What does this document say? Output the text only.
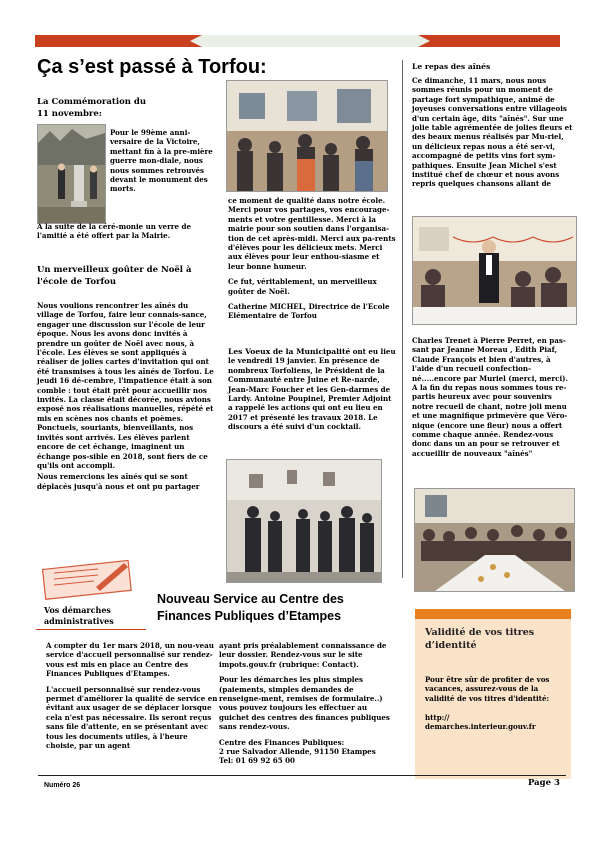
Ça s’est passé à Torfou:
La Commémoration du
11 novembre:
Pour le 99ème anni-versaire de la Victoire, mettant fin à la pre-mière guerre mon-diale, nous nous sommes retrouvés devant le monument des morts.
A la suite de la céré-monie un verre de l'amitié a été offert par la Mairie.
Un merveilleux goûter de Noël à l'école de Torfou

Nous voulions rencontrer les aînés du village de Torfou, faire leur connais-sance, engager une discussion sur l'école de leur époque. Nous les avons donc invités à prendre un goûter de Noël avec nous, à l'école. Les élèves se sont appliqués à réaliser de jolies cartes d'invitation qui ont été transmises à tous les aînés de Torfou. Le jeudi 16 dé-cembre, l'impatience était à son comble : tout était prêt pour accueillir nos invités. La classe était décorée, nous avions exposé nos réalisations manuelles, répété et mis en scènes nos chants et poèmes. Ponctuels, souriants, bienveillants, nos invités sont arrivés. Les élèves parlent encore de cet échange, imaginent un échange pos-sible en 2018, sont fiers de ce qu'ils ont accompli.

Nous remercions les aînés qui se sont déplacés jusqu'à nous et ont pu partager

ce moment de qualité dans notre école. Merci pour vos partages, vos encourage-ments et votre gentillesse. Merci à la mairie pour son soutien dans l'organisa-tion de cet après-midi. Merci aux pa-rents d'élèves pour les délicieux mets. Merci aux élèves pour leur enthou-siasme et leur bonne humeur.

Ce fut, véritablement, un merveilleux goûter de Noël.

Catherine MICHEL, Directrice de l'Ecole Elémentaire de Torfou

Les Voeux de la Municipalité ont eu lieu le vendredi 19 janvier. En présence de nombreux Torfoliens, le Président de la Communauté entre Juine et Re-narde, Jean-Marc Foucher et les Gen-darmes de Lardy. Antoine Poupinel, Premier Adjoint a rappelé les actions qui ont eu lieu en 2017 et présenté les travaux 2018. Le discours a été suivi d'un cocktail.
Le repas des aînés
Ce dimanche, 11 mars, nous nous sommes réunis pour un moment de partage fort sympathique, animé de joyeuses conversations entre villageois d'un certain âge, dits "aînés". Sur une jolie table agrémentée de jolies fleurs et des beaux menus réalisés par Mu-riel, un délicieux repas nous a été ser-vi, accompagné de petits vins fort sym-pathiques. Ensuite Jean Michel s'est institué chef de chœur et nous avons repris quelques chansons allant de
Charles Trenet à Pierre Perret, en pas-sant par Jeanne Moreau , Edith Piaf, Claude François et bien d'autres, à l'aide d'un recueil confection-né.....encore par Muriel (merci, merci). A la fin du repas nous sommes tous re-partis heureux avec pour souvenirs notre recueil de chant, notre joli menu et une magnifique primevère que Véro-nique (encore une fleur) nous a offert comme chaque année. Rendez-vous donc dans un an pour se retrouver et accueillir de nouveaux "aînés"
Vos démarches
administratives
Nouveau Service au Centre des
Finances Publiques d’Etampes

A compter du 1er mars 2018, un nou-veau service d'accueil personnalisé sur rendez-vous est mis en place au Centre des Finances Publiques d'Etampes.

L'accueil personnalisé sur rendez-vous permet d'améliorer la qualité de service en évitant aux usager de se déplacer lorsque cela n'est pas nécessaire. Ils seront reçus sans file d'attente, en se présentant avec tous les documents utiles, à l'heure choisie, par un agent

ayant pris préalablement connaissance de leur dossier. Rendez-vous sur le site impots.gouv.fr (rubrique: Contact).

Pour les démarches les plus simples (paiements, simples demandes de renseigne-ment, remises de formulaire..) vous pouvez toujours les effectuer au guichet des centres des finances publiques sans rendez-vous.

Centre des Finances Publiques:
2 rue Salvador Allende, 91150 Etampes
Tel: 01 69 92 65 00
Validité de vos titres d’identité
Pour être sûr de profiter de vos vacances, assurez-vous de la validité de vos titres d'identité:
http://
demarches.interieur.gouv.fr
Numéro 26	Page 3
